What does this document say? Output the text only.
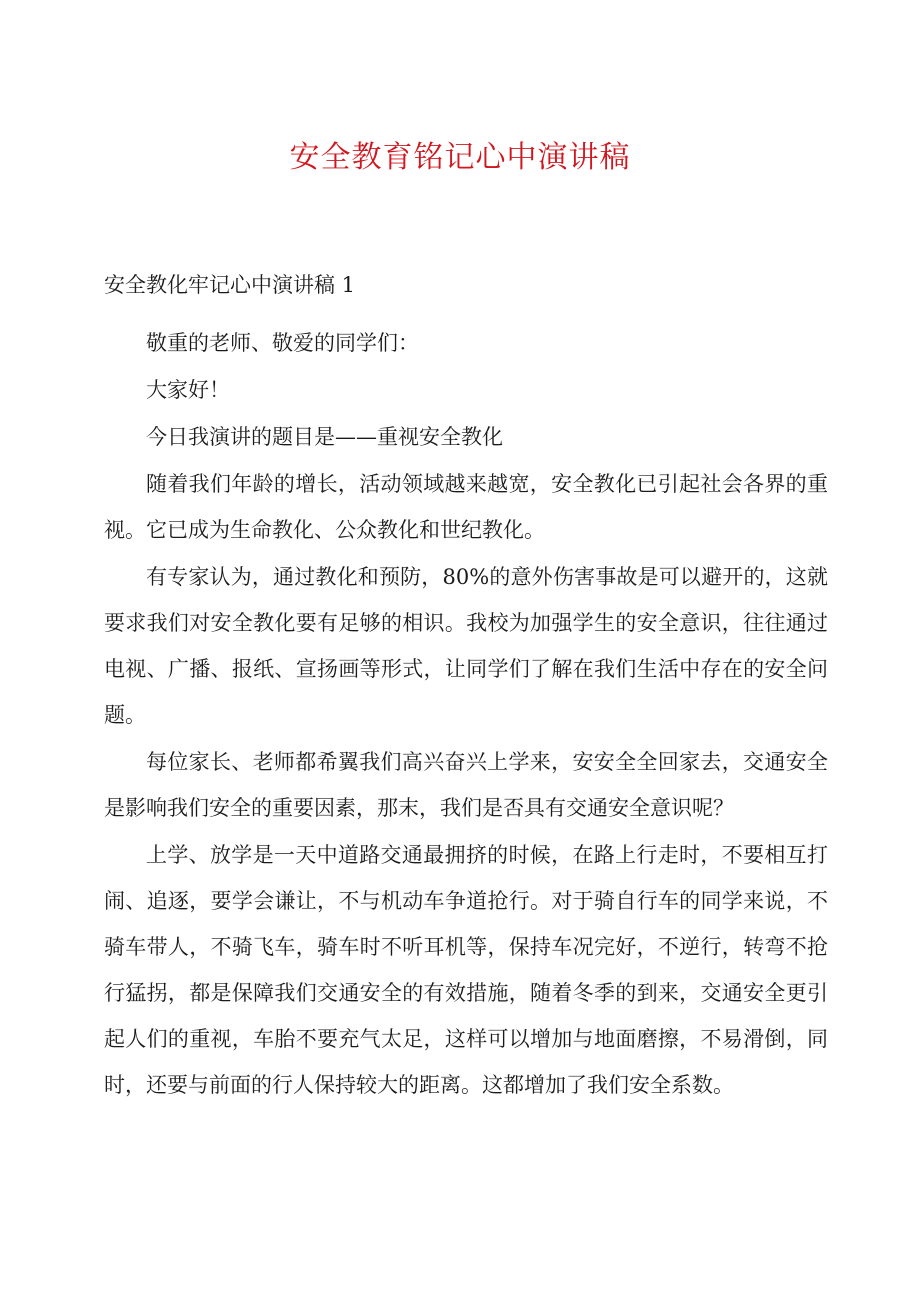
安全教育铭记心中演讲稿

安全教化牢记心中演讲稿 1

敬重的老师、敬爱的同学们：

大家好！

今日我演讲的题目是——重视安全教化

随着我们年龄的增长，活动领域越来越宽，安全教化已引起社会各界的重视。它已成为生命教化、公众教化和世纪教化。

有专家认为，通过教化和预防，80%的意外伤害事故是可以避开的，这就要求我们对安全教化要有足够的相识。我校为加强学生的安全意识，往往通过电视、广播、报纸、宣扬画等形式，让同学们了解在我们生活中存在的安全问题。

每位家长、老师都希翼我们高兴奋兴上学来，安安全全回家去，交通安全是影响我们安全的重要因素，那末，我们是否具有交通安全意识呢？

上学、放学是一天中道路交通最拥挤的时候，在路上行走时，不要相互打闹、追逐，要学会谦让，不与机动车争道抢行。对于骑自行车的同学来说，不骑车带人，不骑飞车，骑车时不听耳机等，保持车况完好，不逆行，转弯不抢行猛拐，都是保障我们交通安全的有效措施，随着冬季的到来，交通安全更引起人们的重视，车胎不要充气太足，这样可以增加与地面磨擦，不易滑倒，同时，还要与前面的行人保持较大的距离。这都增加了我们安全系数。
